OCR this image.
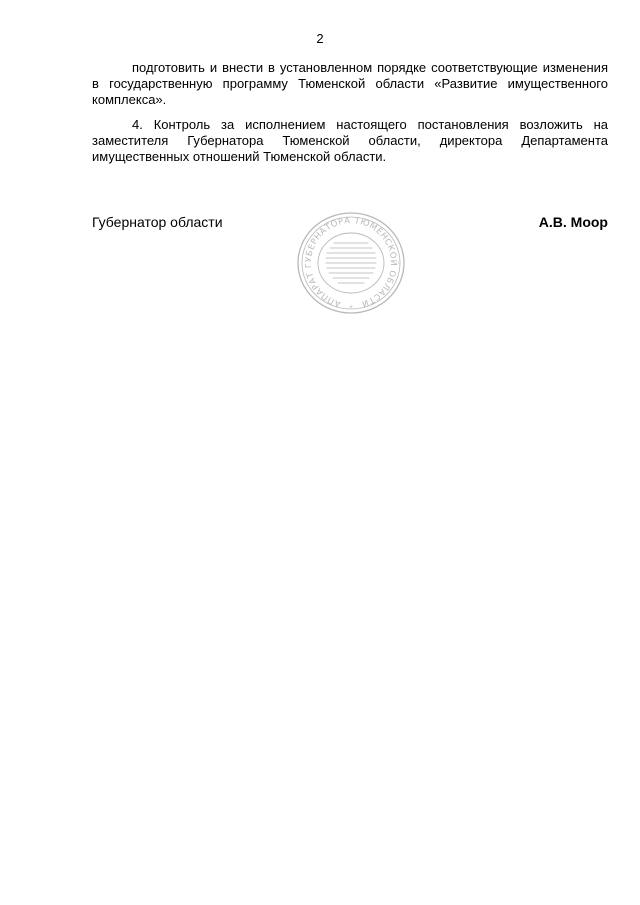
2

подготовить и внести в установленном порядке соответствующие изменения в государственную программу Тюменской области «Развитие имущественного комплекса».

4. Контроль за исполнением настоящего постановления возложить на заместителя Губернатора Тюменской области, директора Департамента имущественных отношений Тюменской области.

Губернатор области	А.В. Моор
АППАРАТ ГУБЕРНАТОРА ТЮМЕНСКОЙ ОБЛАСТИ
*
